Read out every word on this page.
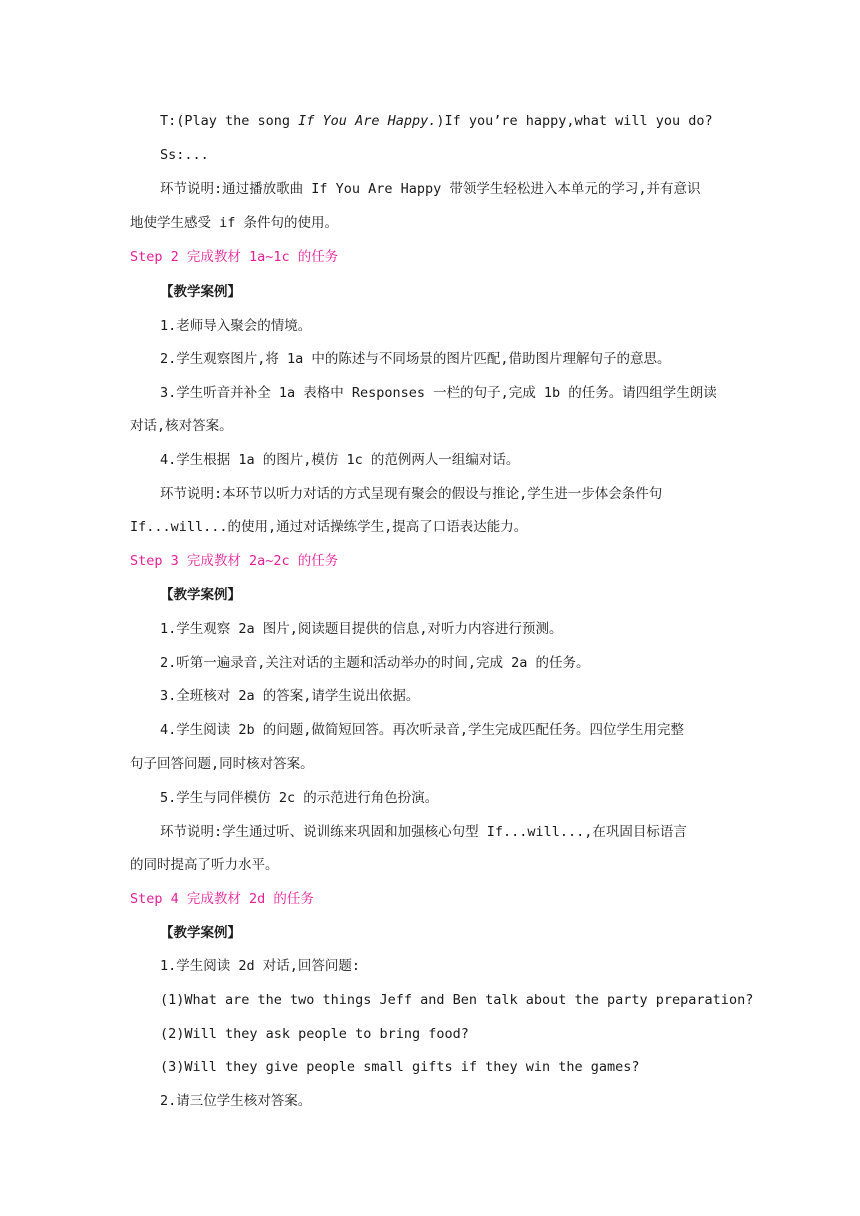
T:(Play the song If You Are Happy.)If you’re happy,what will you do?
Ss:...
环节说明:通过播放歌曲 If You Are Happy 带领学生轻松进入本单元的学习,并有意识
地使学生感受 if 条件句的使用。
Step 2 完成教材 1a~1c 的任务
【教学案例】
1.老师导入聚会的情境。
2.学生观察图片,将 1a 中的陈述与不同场景的图片匹配,借助图片理解句子的意思。
3.学生听音并补全 1a 表格中 Responses 一栏的句子,完成 1b 的任务。请四组学生朗读
对话,核对答案。
4.学生根据 1a 的图片,模仿 1c 的范例两人一组编对话。
环节说明:本环节以听力对话的方式呈现有聚会的假设与推论,学生进一步体会条件句
If...will...的使用,通过对话操练学生,提高了口语表达能力。
Step 3 完成教材 2a~2c 的任务
【教学案例】
1.学生观察 2a 图片,阅读题目提供的信息,对听力内容进行预测。
2.听第一遍录音,关注对话的主题和活动举办的时间,完成 2a 的任务。
3.全班核对 2a 的答案,请学生说出依据。
4.学生阅读 2b 的问题,做简短回答。再次听录音,学生完成匹配任务。四位学生用完整
句子回答问题,同时核对答案。
5.学生与同伴模仿 2c 的示范进行角色扮演。
环节说明:学生通过听、说训练来巩固和加强核心句型 If...will...,在巩固目标语言
的同时提高了听力水平。
Step 4 完成教材 2d 的任务
【教学案例】
1.学生阅读 2d 对话,回答问题:
(1)What are the two things Jeff and Ben talk about the party preparation?
(2)Will they ask people to bring food?
(3)Will they give people small gifts if they win the games?
2.请三位学生核对答案。
